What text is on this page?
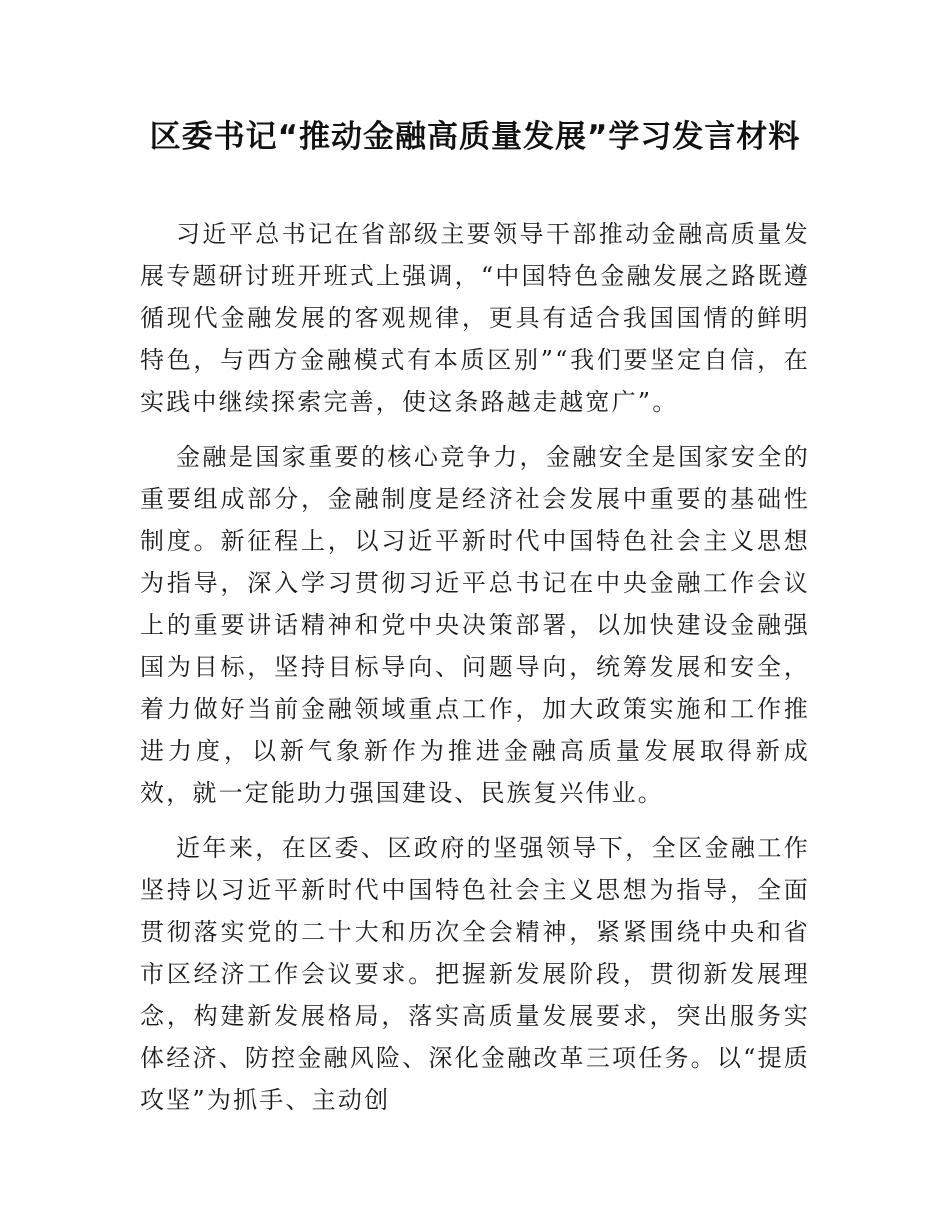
区委书记“推动金融高质量发展”学习发言材料

习近平总书记在省部级主要领导干部推动金融高质量发展专题研讨班开班式上强调，“中国特色金融发展之路既遵循现代金融发展的客观规律，更具有适合我国国情的鲜明特色，与西方金融模式有本质区别”“我们要坚定自信，在实践中继续探索完善，使这条路越走越宽广”。

金融是国家重要的核心竞争力，金融安全是国家安全的重要组成部分，金融制度是经济社会发展中重要的基础性制度。新征程上，以习近平新时代中国特色社会主义思想为指导，深入学习贯彻习近平总书记在中央金融工作会议上的重要讲话精神和党中央决策部署，以加快建设金融强国为目标，坚持目标导向、问题导向，统筹发展和安全，着力做好当前金融领域重点工作，加大政策实施和工作推进力度，以新气象新作为推进金融高质量发展取得新成效，就一定能助力强国建设、民族复兴伟业。

近年来，在区委、区政府的坚强领导下，全区金融工作坚持以习近平新时代中国特色社会主义思想为指导，全面贯彻落实党的二十大和历次全会精神，紧紧围绕中央和省市区经济工作会议要求。把握新发展阶段，贯彻新发展理念，构建新发展格局，落实高质量发展要求，突出服务实体经济、防控金融风险、深化金融改革三项任务。以“提质攻坚”为抓手、主动创
